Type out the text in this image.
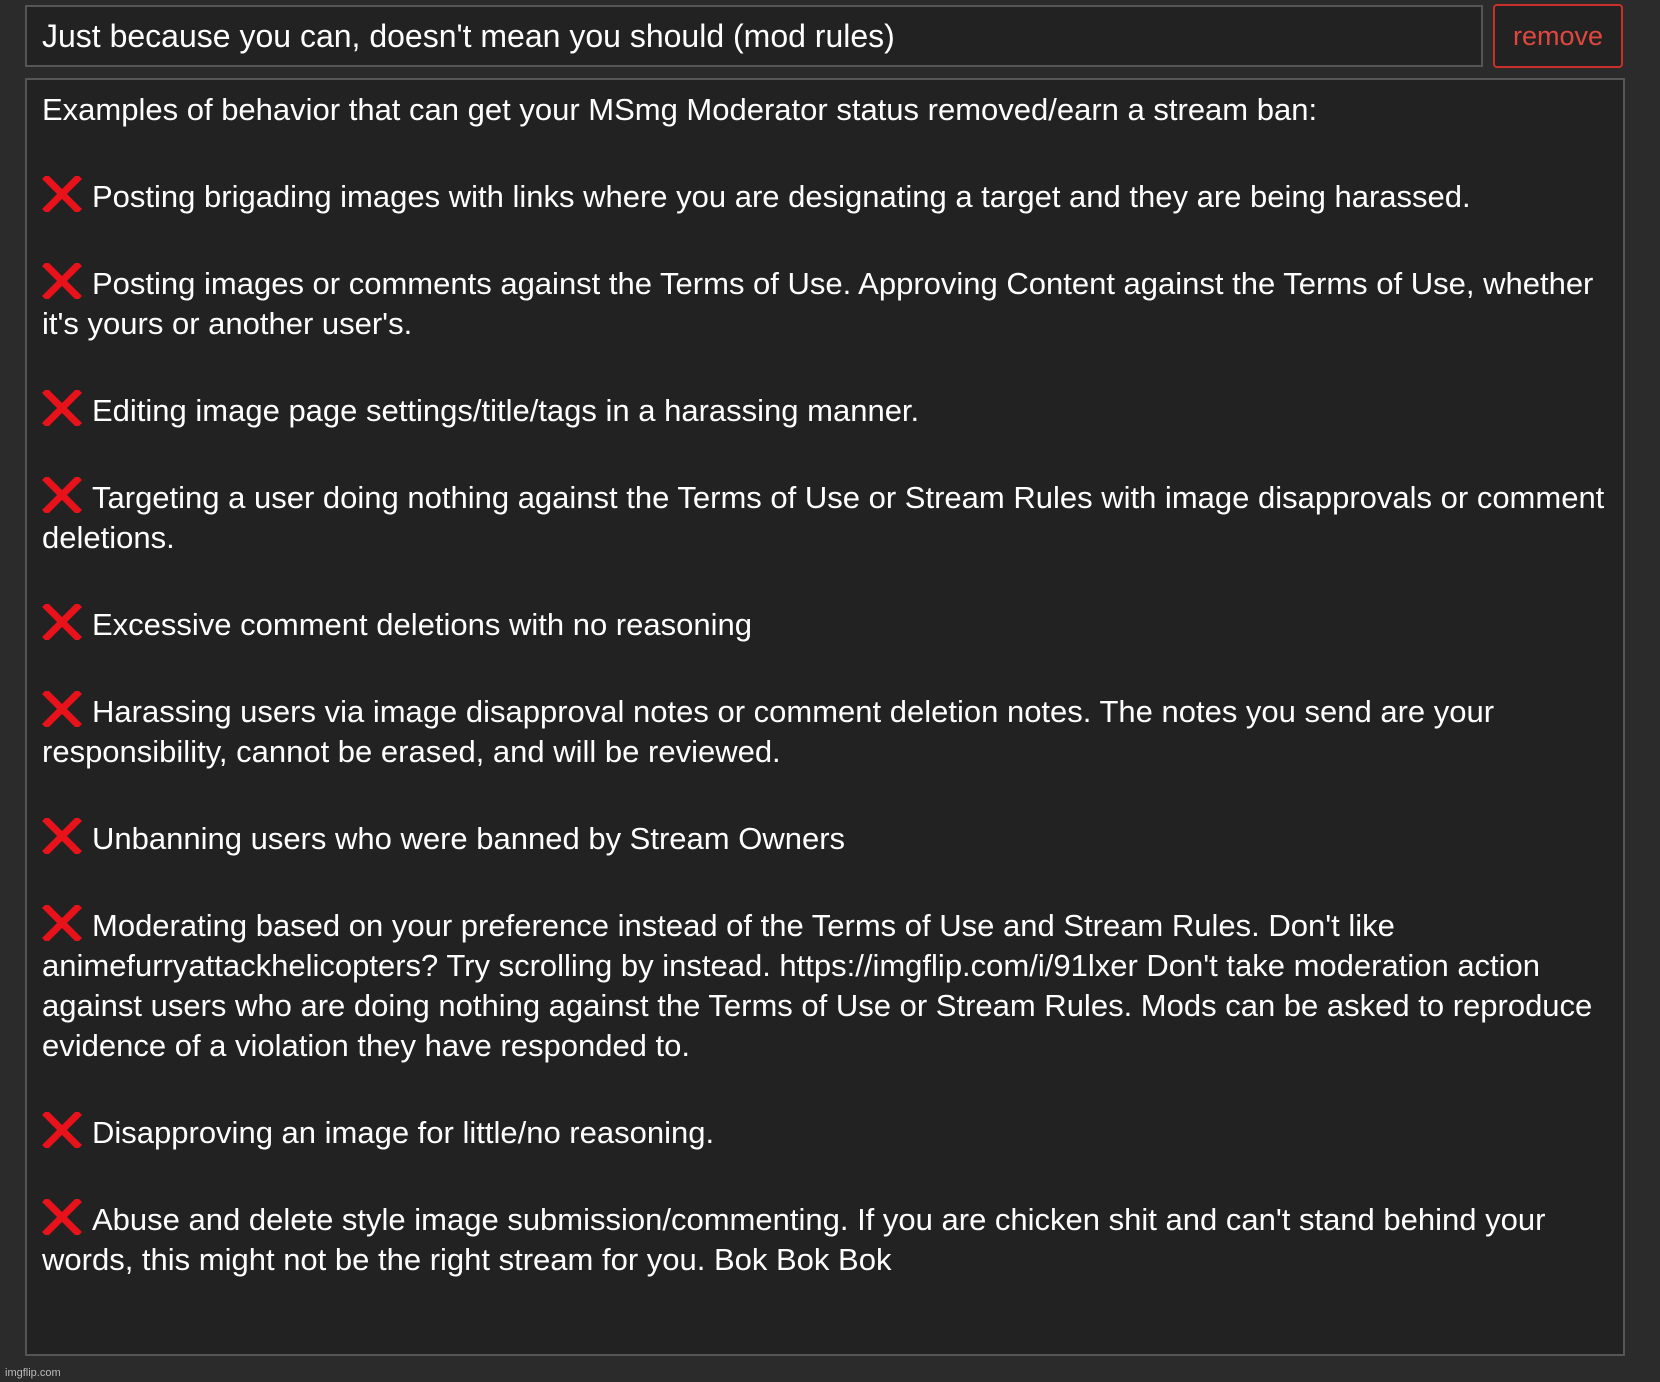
Just because you can, doesn't mean you should (mod rules)
remove

Examples of behavior that can get your MSmg Moderator status removed/earn a stream ban:

Posting brigading images with links where you are designating a target and they are being harassed.

Posting images or comments against the Terms of Use. Approving Content against the Terms of Use, whether it's yours or another user's.

Editing image page settings/title/tags in a harassing manner.

Targeting a user doing nothing against the Terms of Use or Stream Rules with image disapprovals or comment deletions.

Excessive comment deletions with no reasoning

Harassing users via image disapproval notes or comment deletion notes. The notes you send are your responsibility, cannot be erased, and will be reviewed.

Unbanning users who were banned by Stream Owners

Moderating based on your preference instead of the Terms of Use and Stream Rules. Don't like animefurryattackhelicopters? Try scrolling by instead. https://imgflip.com/i/91lxer Don't take moderation action against users who are doing nothing against the Terms of Use or Stream Rules. Mods can be asked to reproduce evidence of a violation they have responded to.

Disapproving an image for little/no reasoning.

Abuse and delete style image submission/commenting. If you are chicken shit and can't stand behind your words, this might not be the right stream for you. Bok Bok Bok

imgflip.com
